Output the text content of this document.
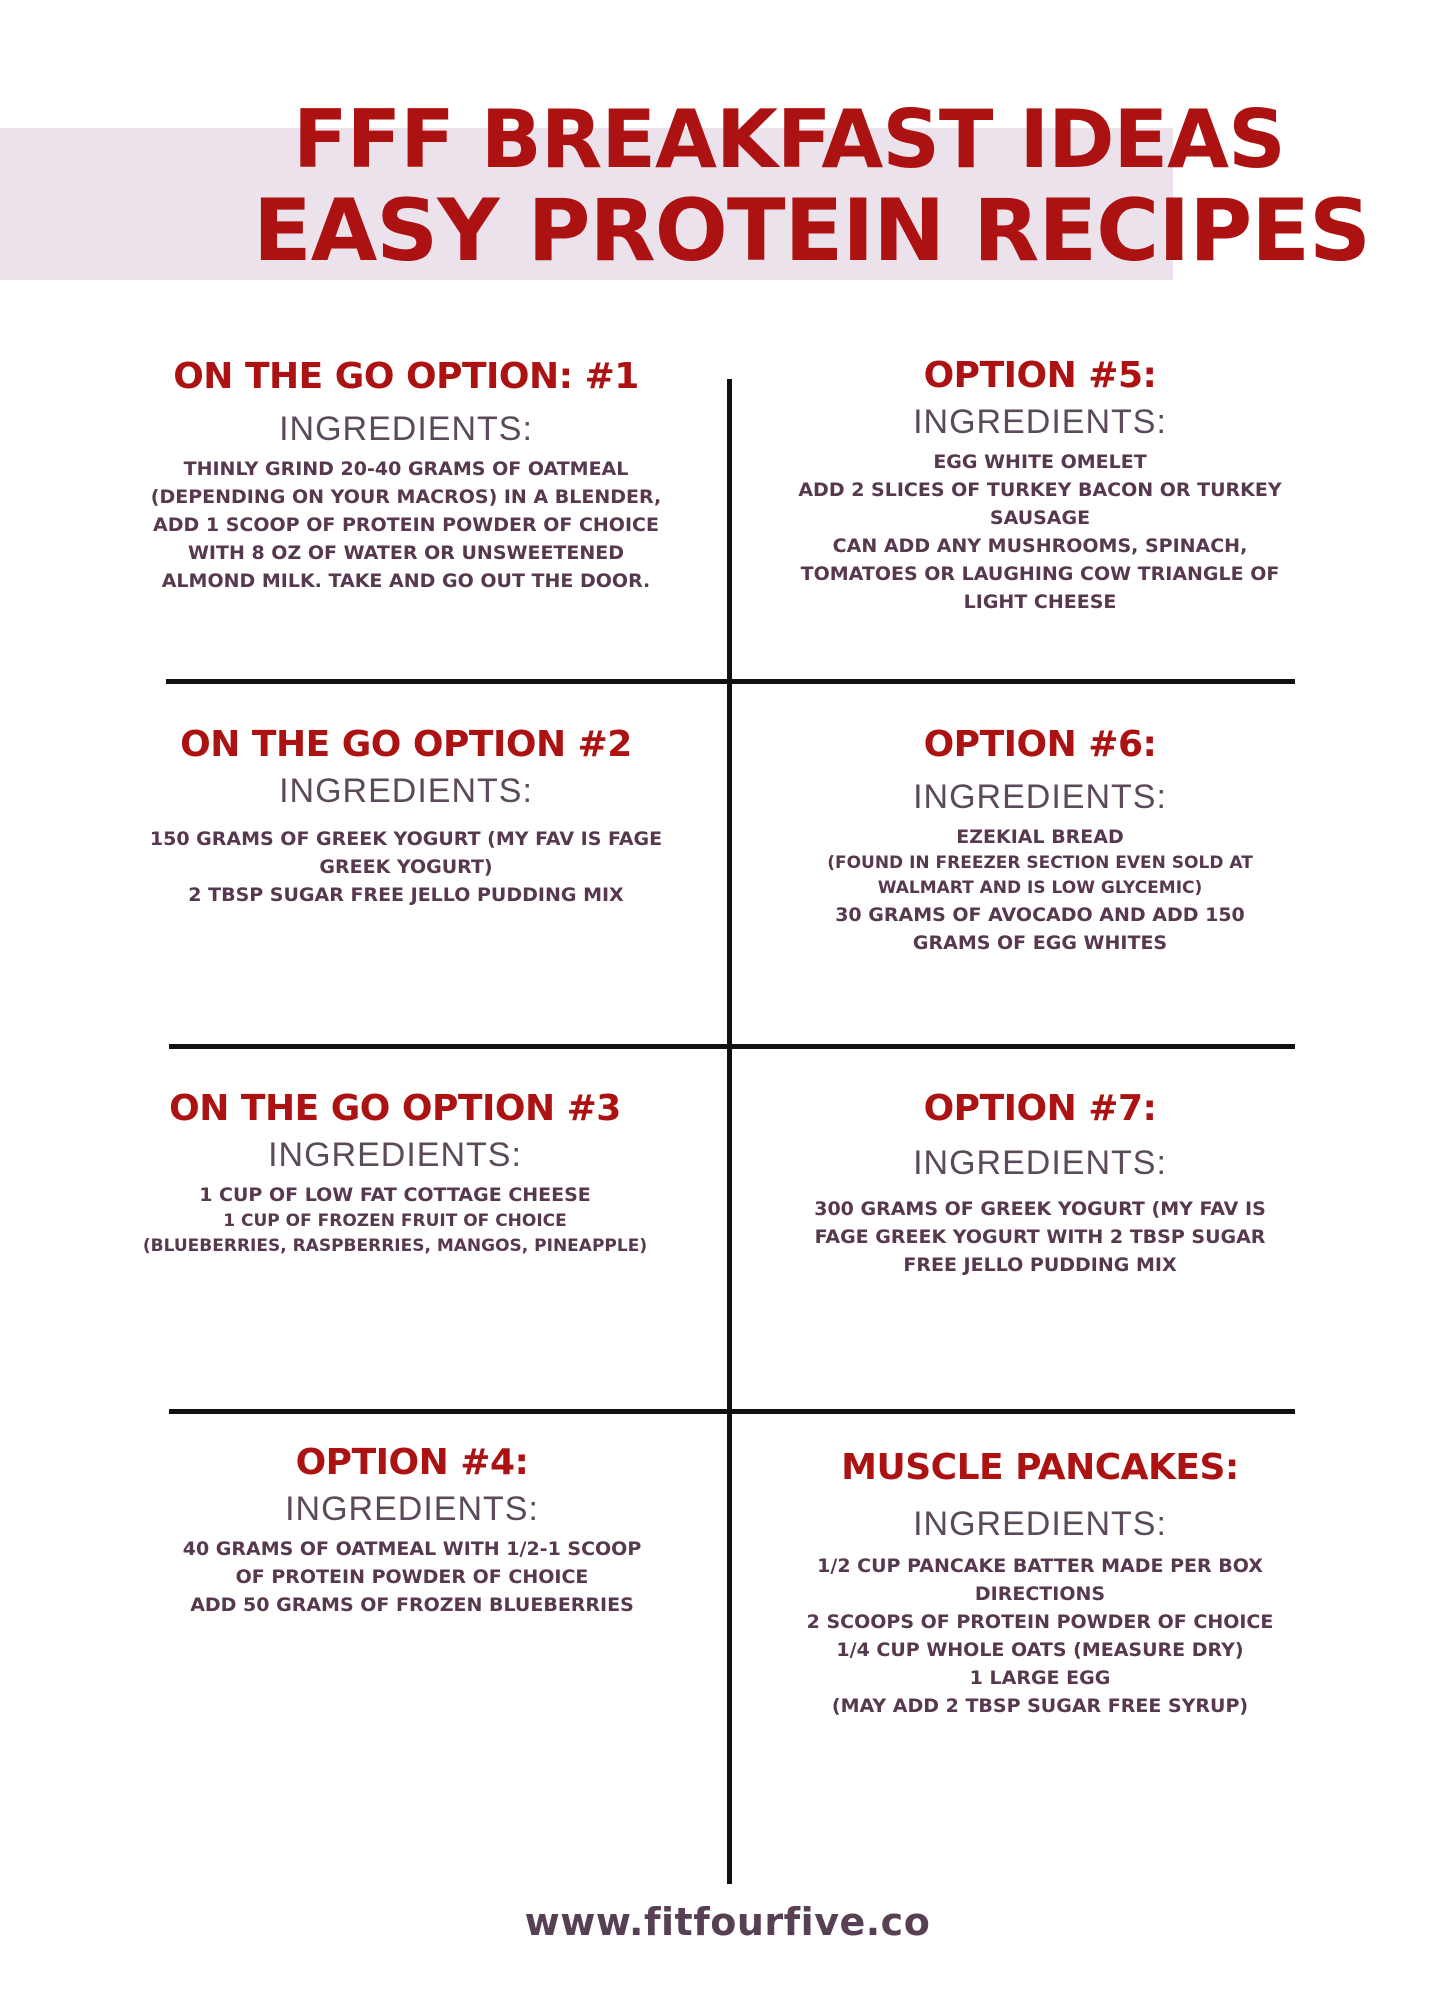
FFF BREAKFAST IDEAS
EASY PROTEIN RECIPES
ON THE GO OPTION: #1
INGREDIENTS:
THINLY GRIND 20-40 GRAMS OF OATMEAL
(DEPENDING ON YOUR MACROS) IN A BLENDER,
ADD 1 SCOOP OF PROTEIN POWDER OF CHOICE
WITH 8 OZ OF WATER OR UNSWEETENED
ALMOND MILK. TAKE AND GO OUT THE DOOR.
OPTION #5:
INGREDIENTS:
EGG WHITE OMELET
ADD 2 SLICES OF TURKEY BACON OR TURKEY
SAUSAGE
CAN ADD ANY MUSHROOMS, SPINACH,
TOMATOES OR LAUGHING COW TRIANGLE OF
LIGHT CHEESE
ON THE GO OPTION #2
INGREDIENTS:
150 GRAMS OF GREEK YOGURT (MY FAV IS FAGE
GREEK YOGURT)
2 TBSP SUGAR FREE JELLO PUDDING MIX
OPTION #6:
INGREDIENTS:
EZEKIAL BREAD
(FOUND IN FREEZER SECTION EVEN SOLD AT
WALMART AND IS LOW GLYCEMIC)
30 GRAMS OF AVOCADO AND ADD 150
GRAMS OF EGG WHITES
ON THE GO OPTION #3
INGREDIENTS:
1 CUP OF LOW FAT COTTAGE CHEESE
1 CUP OF FROZEN FRUIT OF CHOICE
(BLUEBERRIES, RASPBERRIES, MANGOS, PINEAPPLE)
OPTION #7:
INGREDIENTS:
300 GRAMS OF GREEK YOGURT (MY FAV IS
FAGE GREEK YOGURT WITH 2 TBSP SUGAR
FREE JELLO PUDDING MIX
OPTION #4:
INGREDIENTS:
40 GRAMS OF OATMEAL WITH 1/2-1 SCOOP
OF PROTEIN POWDER OF CHOICE
ADD 50 GRAMS OF FROZEN BLUEBERRIES
MUSCLE PANCAKES:
INGREDIENTS:
1/2 CUP PANCAKE BATTER MADE PER BOX
DIRECTIONS
2 SCOOPS OF PROTEIN POWDER OF CHOICE
1/4 CUP WHOLE OATS (MEASURE DRY)
1 LARGE EGG
(MAY ADD 2 TBSP SUGAR FREE SYRUP)
www.fitfourfive.co
